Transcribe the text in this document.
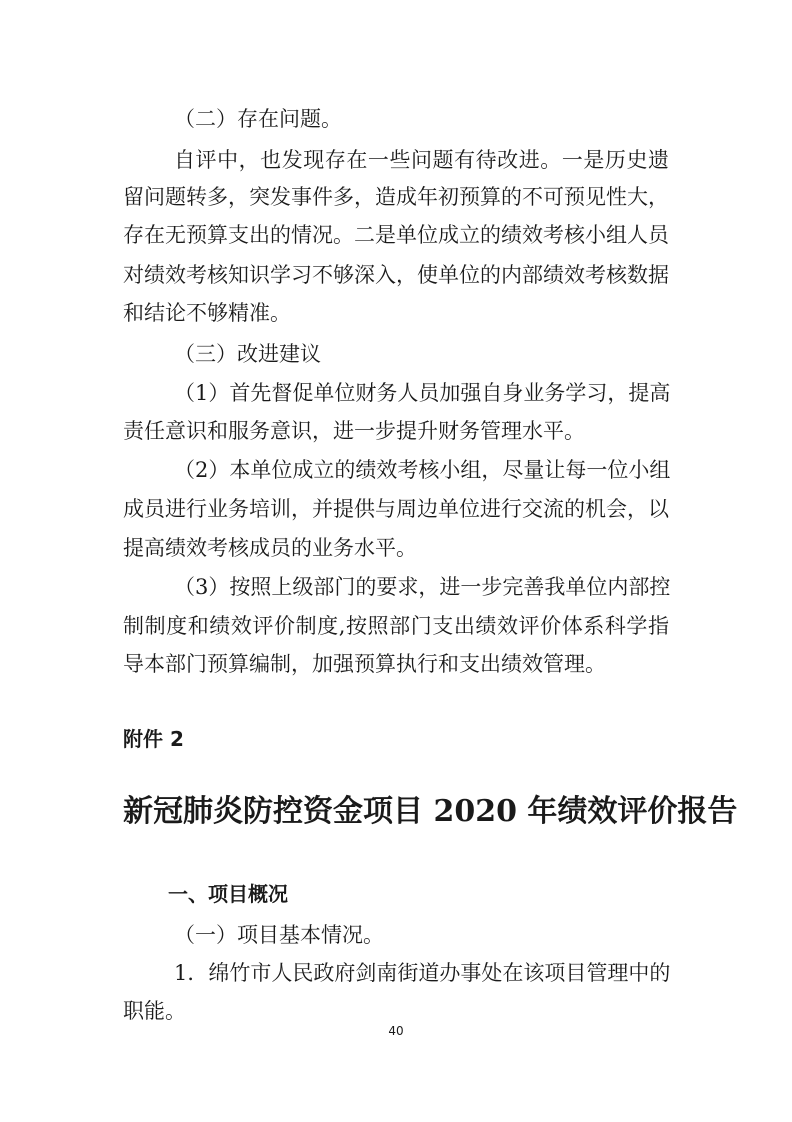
（二）存在问题。
自评中，也发现存在一些问题有待改进。一是历史遗
留问题转多，突发事件多，造成年初预算的不可预见性大，
存在无预算支出的情况。二是单位成立的绩效考核小组人员
对绩效考核知识学习不够深入，使单位的内部绩效考核数据
和结论不够精准。
（三）改进建议
（1）首先督促单位财务人员加强自身业务学习，提高
责任意识和服务意识，进一步提升财务管理水平。
（2）本单位成立的绩效考核小组，尽量让每一位小组
成员进行业务培训，并提供与周边单位进行交流的机会，以
提高绩效考核成员的业务水平。
（3）按照上级部门的要求，进一步完善我单位内部控
制制度和绩效评价制度,按照部门支出绩效评价体系科学指
导本部门预算编制，加强预算执行和支出绩效管理。
附件 2
新冠肺炎防控资金项目 2020 年绩效评价报告
一、项目概况
（一）项目基本情况。
1．绵竹市人民政府剑南街道办事处在该项目管理中的
职能。
40
